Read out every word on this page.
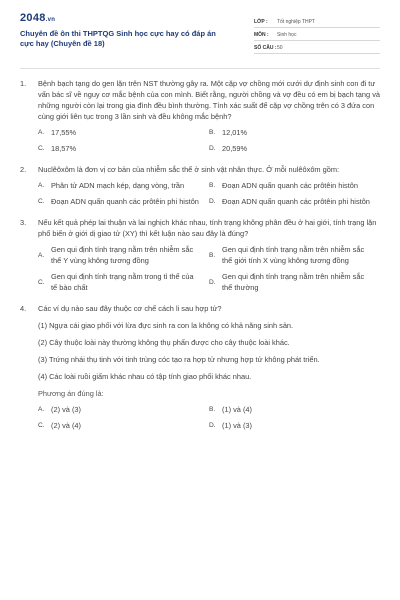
2048.vn
Chuyên đề ôn thi THPTQG Sinh học cực hay có đáp án cực hay (Chuyên đề 18)
LỚP :	Tốt nghiệp THPT
MÔN :	Sinh học
SỐ CÂU : 50
1.	Bệnh bạch tạng do gen lặn trên NST thường gây ra. Một cặp vợ chồng mới cưới dự định sinh con đi tư vấn bác sĩ về nguy cơ mắc bệnh của con mình. Biết rằng, người chồng và vợ đều có em bị bạch tạng và những người còn lại trong gia đình đều bình thường. Tính xác suất để cặp vợ chồng trên có 3 đứa con cùng giới liên tục trong 3 lần sinh và đều không mắc bệnh?
A. 17,55%	B. 12,01%
C. 18,57%	D. 20,59%
2.	Nuclêôxôm là đơn vị cơ bản của nhiễm sắc thể ở sinh vật nhân thực. Ở mỗi nulêôxôm gồm:
A. Phân tử ADN mạch kép, dạng vòng, trần	B. Đoạn ADN quấn quanh các prôtêin histôn
C. Đoạn ADN quấn quanh các prôtêin phi histôn	D. Đoạn ADN quấn quanh các prôtêin phi histôn
3.	Nếu kết quả phép lai thuận và lai nghịch khác nhau, tính trạng không phân đều ở hai giới, tính trạng lặn phổ biến ở giới dị giao tử (XY) thì kết luận nào sau đây là đúng?
A.
Gen qui định tính trạng nằm trên nhiễm sắc thể Y vùng không tương đồng
B.
Gen qui định tính trạng nằm trên nhiễm sắc thể giới tính X vùng không tương đồng
C.
Gen qui định tính trạng nằm trong tỉ thể của tế bào chất
D.
Gen qui định tính trạng nằm trên nhiễm sắc thể thường
4.	Các ví dụ nào sau đây thuộc cơ chế cách li sau hợp tử?
(1) Ngựa cái giao phối với lừa đực sinh ra con la không có khả năng sinh sản.
(2) Cây thuộc loài này thường không thụ phấn được cho cây thuộc loài khác.
(3) Trứng nhái thụ tinh với tinh trùng cóc tạo ra hợp tử nhưng hợp tử không phát triển.
(4) Các loài ruồi giấm khác nhau có tập tính giao phối khác nhau.
Phương án đúng là:
A. (2) và (3)	B. (1) và (4)
C. (2) và (4)	D. (1) và (3)
